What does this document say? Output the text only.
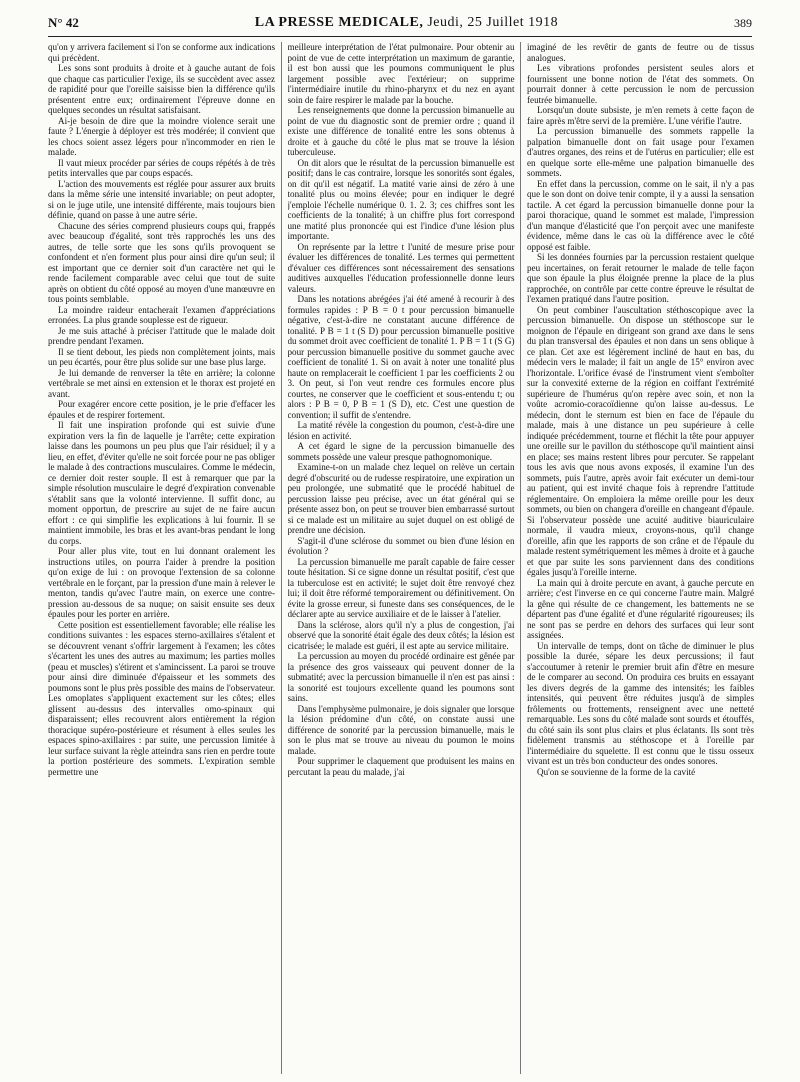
N° 42	LA PRESSE MEDICALE, Jeudi, 25 Juillet 1918	389

qu'on y arrivera facilement si l'on se conforme aux indications qui précèdent.

Les sons sont produits à droite et à gauche autant de fois que chaque cas particulier l'exige, ils se succèdent avec assez de rapidité pour que l'oreille saisisse bien la différence qu'ils présentent entre eux; ordinairement l'épreuve donne en quelques secondes un résultat satisfaisant.

Ai-je besoin de dire que la moindre violence serait une faute ? L'énergie à déployer est très modérée; il convient que les chocs soient assez légers pour n'incommoder en rien le malade.

Il vaut mieux procéder par séries de coups répétés à de très petits intervalles que par coups espacés.

L'action des mouvements est réglée pour assurer aux bruits dans la même série une intensité invariable; on peut adopter, si on le juge utile, une intensité différente, mais toujours bien définie, quand on passe à une autre série.

Chacune des séries comprend plusieurs coups qui, frappés avec beaucoup d'égalité, sont très rapprochés les uns des autres, de telle sorte que les sons qu'ils provoquent se confondent et n'en forment plus pour ainsi dire qu'un seul; il est important que ce dernier soit d'un caractère net qui le rende facilement comparable avec celui que tout de suite après on obtient du côté opposé au moyen d'une manœuvre en tous points semblable.

La moindre raideur entacherait l'examen d'appréciations erronées. La plus grande souplesse est de rigueur.

Je me suis attaché à préciser l'attitude que le malade doit prendre pendant l'examen.

Il se tient debout, les pieds non complètement joints, mais un peu écartés, pour être plus solide sur une base plus large.

Je lui demande de renverser la tête en arrière; la colonne vertébrale se met ainsi en extension et le thorax est projeté en avant.

Pour exagérer encore cette position, je le prie d'effacer les épaules et de respirer fortement.

Il fait une inspiration profonde qui est suivie d'une expiration vers la fin de laquelle je l'arrête; cette expiration laisse dans les poumons un peu plus que l'air résiduel; il y a lieu, en effet, d'éviter qu'elle ne soit forcée pour ne pas obliger le malade à des contractions musculaires. Comme le médecin, ce dernier doit rester souple. Il est à remarquer que par la simple résolution musculaire le degré d'expiration convenable s'établit sans que la volonté intervienne. Il suffit donc, au moment opportun, de prescrire au sujet de ne faire aucun effort : ce qui simplifie les explications à lui fournir. Il se maintient immobile, les bras et les avant-bras pendant le long du corps.

Pour aller plus vite, tout en lui donnant oralement les instructions utiles, on pourra l'aider à prendre la position qu'on exige de lui : on provoque l'extension de sa colonne vertébrale en le forçant, par la pression d'une main à relever le menton, tandis qu'avec l'autre main, on exerce une contre-pression au-dessous de sa nuque; on saisit ensuite ses deux épaules pour les porter en arrière.

Cette position est essentiellement favorable; elle réalise les conditions suivantes : les espaces sterno-axillaires s'étalent et se découvrent venant s'offrir largement à l'examen; les côtes s'écartent les unes des autres au maximum; les parties molles (peau et muscles) s'étirent et s'amincissent. La paroi se trouve pour ainsi dire diminuée d'épaisseur et les sommets des poumons sont le plus près possible des mains de l'observateur. Les omoplates s'appliquent exactement sur les côtes; elles glissent au-dessus des intervalles omo-spinaux qui disparaissent; elles recouvrent alors entièrement la région thoracique supéro-postérieure et résument à elles seules les espaces spino-axillaires : par suite, une percussion limitée à leur surface suivant la règle atteindra sans rien en perdre toute la portion postérieure des sommets. L'expiration semble permettre une

meilleure interprétation de l'état pulmonaire. Pour obtenir au point de vue de cette interprétation un maximum de garantie, il est bon aussi que les poumons communiquent le plus largement possible avec l'extérieur; on supprime l'intermédiaire inutile du rhino-pharynx et du nez en ayant soin de faire respirer le malade par la bouche.

Les renseignements que donne la percussion bimanuelle au point de vue du diagnostic sont de premier ordre ; quand il existe une différence de tonalité entre les sons obtenus à droite et à gauche du côté le plus mat se trouve la lésion tuberculeuse.

On dit alors que le résultat de la percussion bimanuelle est positif; dans le cas contraire, lorsque les sonorités sont égales, on dit qu'il est négatif. La matité varie ainsi de zéro à une tonalité plus ou moins élevée; pour en indiquer le degré j'emploie l'échelle numérique 0. 1. 2. 3; ces chiffres sont les coefficients de la tonalité; à un chiffre plus fort correspond une matité plus prononcée qui est l'indice d'une lésion plus importante.

On représente par la lettre t l'unité de mesure prise pour évaluer les différences de tonalité. Les termes qui permettent d'évaluer ces différences sont nécessairement des sensations auditives auxquelles l'éducation professionnelle donne leurs valeurs.

Dans les notations abrégées j'ai été amené à recourir à des formules rapides : P B = 0 t pour percussion bimanuelle négative, c'est-à-dire ne constatant aucune différence de tonalité. P B = 1 t (S D) pour percussion bimanuelle positive du sommet droit avec coefficient de tonalité 1. P B = 1 t (S G) pour percussion bimanuelle positive du sommet gauche avec coefficient de tonalité 1. Si on avait à noter une tonalité plus haute on remplacerait le coefficient 1 par les coefficients 2 ou 3. On peut, si l'on veut rendre ces formules encore plus courtes, ne conserver que le coefficient et sous-entendu t; ou alors : P B = 0, P B = 1 (S D), etc. C'est une question de convention; il suffit de s'entendre.

La matité révèle la congestion du poumon, c'est-à-dire une lésion en activité.

A cet égard le signe de la percussion bimanuelle des sommets possède une valeur presque pathognomonique.

Examine-t-on un malade chez lequel on relève un certain degré d'obscurité ou de rudesse respiratoire, une expiration un peu prolongée, une submatité que le procédé habituel de percussion laisse peu précise, avec un état général qui se présente assez bon, on peut se trouver bien embarrassé surtout si ce malade est un militaire au sujet duquel on est obligé de prendre une décision.

S'agit-il d'une sclérose du sommet ou bien d'une lésion en évolution ?

La percussion bimanuelle me paraît capable de faire cesser toute hésitation. Si ce signe donne un résultat positif, c'est que la tuberculose est en activité; le sujet doit être renvoyé chez lui; il doit être réformé temporairement ou définitivement. On évite la grosse erreur, si funeste dans ses conséquences, de le déclarer apte au service auxiliaire et de le laisser à l'atelier.

Dans la sclérose, alors qu'il n'y a plus de congestion, j'ai observé que la sonorité était égale des deux côtés; la lésion est cicatrisée; le malade est guéri, il est apte au service militaire.

La percussion au moyen du procédé ordinaire est gênée par la présence des gros vaisseaux qui peuvent donner de la submatité; avec la percussion bimanuelle il n'en est pas ainsi : la sonorité est toujours excellente quand les poumons sont sains.

Dans l'emphysème pulmonaire, je dois signaler que lorsque la lésion prédomine d'un côté, on constate aussi une différence de sonorité par la percussion bimanuelle, mais le son le plus mat se trouve au niveau du poumon le moins malade.

Pour supprimer le claquement que produisent les mains en percutant la peau du malade, j'ai

imaginé de les revêtir de gants de feutre ou de tissus analogues.

Les vibrations profondes persistent seules alors et fournissent une bonne notion de l'état des sommets. On pourrait donner à cette percussion le nom de percussion feutrée bimanuelle.

Lorsqu'un doute subsiste, je m'en remets à cette façon de faire après m'être servi de la première. L'une vérifie l'autre.

La percussion bimanuelle des sommets rappelle la palpation bimanuelle dont on fait usage pour l'examen d'autres organes, des reins et de l'utérus en particulier; elle est en quelque sorte elle-même une palpation bimanuelle des sommets.

En effet dans la percussion, comme on le sait, il n'y a pas que le son dont on doive tenir compte, il y a aussi la sensation tactile. A cet égard la percussion bimanuelle donne pour la paroi thoracique, quand le sommet est malade, l'impression d'un manque d'élasticité que l'on perçoit avec une manifeste évidence, même dans le cas où la différence avec le côté opposé est faible.

Si les données fournies par la percussion restaient quelque peu incertaines, on ferait retourner le malade de telle façon que son épaule la plus éloignée prenne la place de la plus rapprochée, on contrôle par cette contre épreuve le résultat de l'examen pratiqué dans l'autre position.

On peut combiner l'auscultation stéthoscopique avec la percussion bimanuelle. On dispose un stéthoscope sur le moignon de l'épaule en dirigeant son grand axe dans le sens du plan transversal des épaules et non dans un sens oblique à ce plan. Cet axe est légèrement incliné de haut en bas, du médecin vers le malade; il fait un angle de 15° environ avec l'horizontale. L'orifice évasé de l'instrument vient s'emboîter sur la convexité externe de la région en coiffant l'extrémité supérieure de l'humérus qu'on repère avec soin, et non la voûte acromio-coracoïdienne qu'on laisse au-dessus. Le médecin, dont le sternum est bien en face de l'épaule du malade, mais à une distance un peu supérieure à celle indiquée précédemment, tourne et fléchit la tête pour appuyer une oreille sur le pavillon du stéthoscope qu'il maintient ainsi en place; ses mains restent libres pour percuter. Se rappelant tous les avis que nous avons exposés, il examine l'un des sommets, puis l'autre, après avoir fait exécuter un demi-tour au patient, qui est invité chaque fois à reprendre l'attitude réglementaire. On emploiera la même oreille pour les deux sommets, ou bien on changera d'oreille en changeant d'épaule. Si l'observateur possède une acuité auditive biauriculaire normale, il vaudra mieux, croyons-nous, qu'il change d'oreille, afin que les rapports de son crâne et de l'épaule du malade restent symétriquement les mêmes à droite et à gauche et que par suite les sons parviennent dans des conditions égales jusqu'à l'oreille interne.

La main qui à droite percute en avant, à gauche percute en arrière; c'est l'inverse en ce qui concerne l'autre main. Malgré la gêne qui résulte de ce changement, les battements ne se départent pas d'une égalité et d'une régularité rigoureuses; ils ne sont pas se perdre en dehors des surfaces qui leur sont assignées.

Un intervalle de temps, dont on tâche de diminuer le plus possible la durée, sépare les deux percussions; il faut s'accoutumer à retenir le premier bruit afin d'être en mesure de le comparer au second. On produira ces bruits en essayant les divers degrés de la gamme des intensités; les faibles intensités, qui peuvent être réduites jusqu'à de simples frôlements ou frottements, renseignent avec une netteté remarquable. Les sons du côté malade sont sourds et étouffés, du côté sain ils sont plus clairs et plus éclatants. Ils sont très fidèlement transmis au stéthoscope et à l'oreille par l'intermédiaire du squelette. Il est connu que le tissu osseux vivant est un très bon conducteur des ondes sonores.

Qu'on se souvienne de la forme de la cavité
